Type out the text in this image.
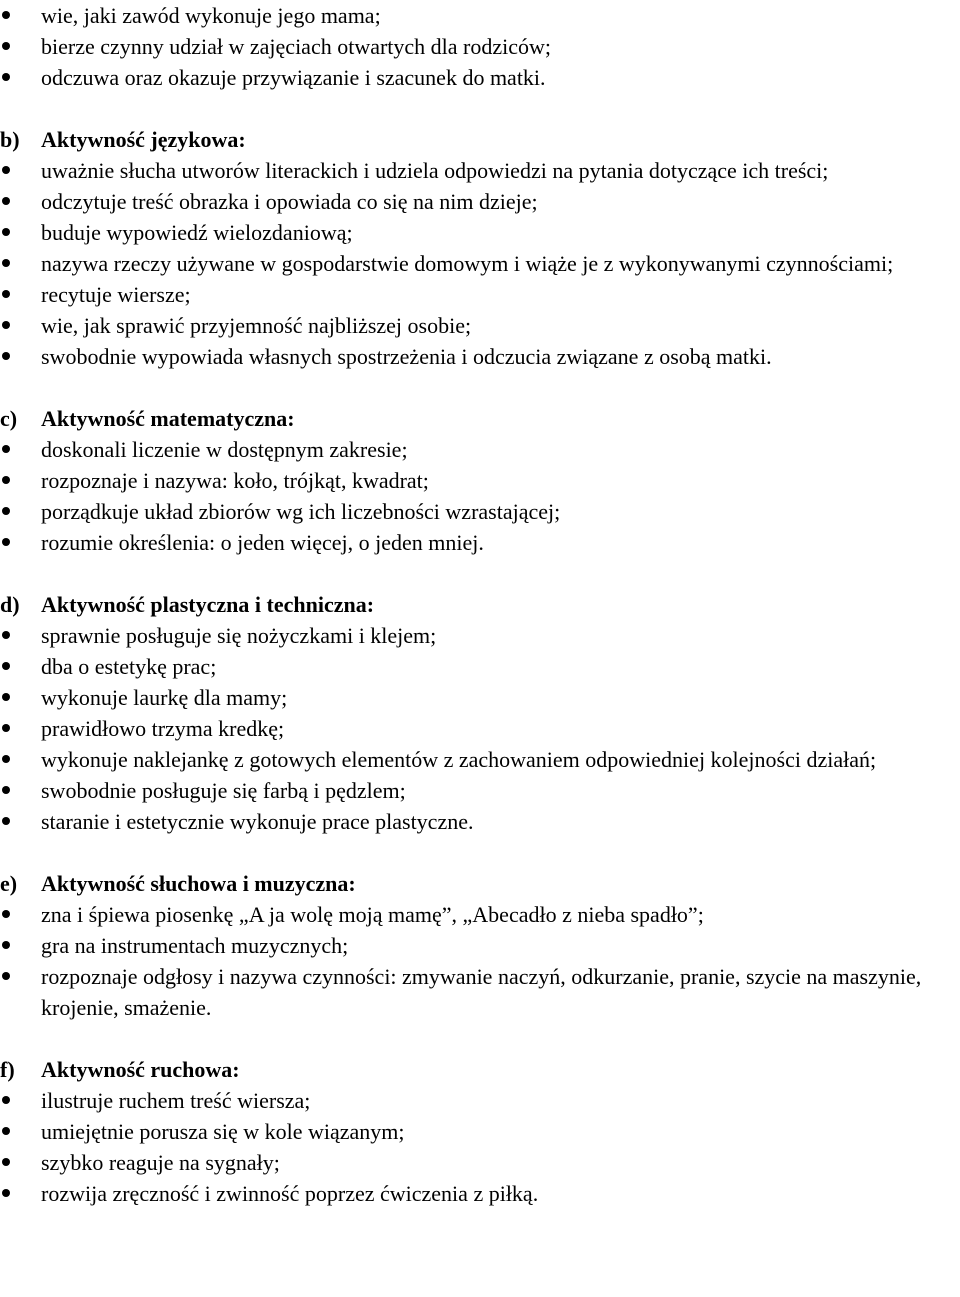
wie, jaki zawód wykonuje jego mama;
bierze czynny udział w zajęciach otwartych dla rodziców;
odczuwa oraz okazuje przywiązanie i szacunek do matki.
b) Aktywność językowa:
uważnie słucha utworów literackich i udziela odpowiedzi na pytania dotyczące ich treści;
odczytuje treść obrazka i opowiada co się na nim dzieje;
buduje wypowiedź wielozdaniową;
nazywa rzeczy używane w gospodarstwie domowym i wiąże je z wykonywanymi czynnościami;
recytuje wiersze;
wie, jak sprawić przyjemność najbliższej osobie;
swobodnie wypowiada własnych spostrzeżenia i odczucia związane z osobą matki.
c) Aktywność matematyczna:
doskonali liczenie w dostępnym zakresie;
rozpoznaje i nazywa: koło, trójkąt, kwadrat;
porządkuje układ zbiorów wg ich liczebności wzrastającej;
rozumie określenia: o jeden więcej, o jeden mniej.
d) Aktywność plastyczna i techniczna:
sprawnie posługuje się nożyczkami i klejem;
dba o estetykę prac;
wykonuje laurkę dla mamy;
prawidłowo trzyma kredkę;
wykonuje naklejankę z gotowych elementów z zachowaniem odpowiedniej kolejności działań;
swobodnie posługuje się farbą i pędzlem;
staranie i estetycznie wykonuje prace plastyczne.
e) Aktywność słuchowa i muzyczna:
zna i śpiewa piosenkę „A ja wolę moją mamę”, „Abecadło z nieba spadło”;
gra na instrumentach muzycznych;
rozpoznaje odgłosy i nazywa czynności: zmywanie naczyń, odkurzanie, pranie, szycie na maszynie, krojenie, smażenie.
f) Aktywność ruchowa:
ilustruje ruchem treść wiersza;
umiejętnie porusza się w kole wiązanym;
szybko reaguje na sygnały;
rozwija zręczność i zwinność poprzez ćwiczenia z piłką.
